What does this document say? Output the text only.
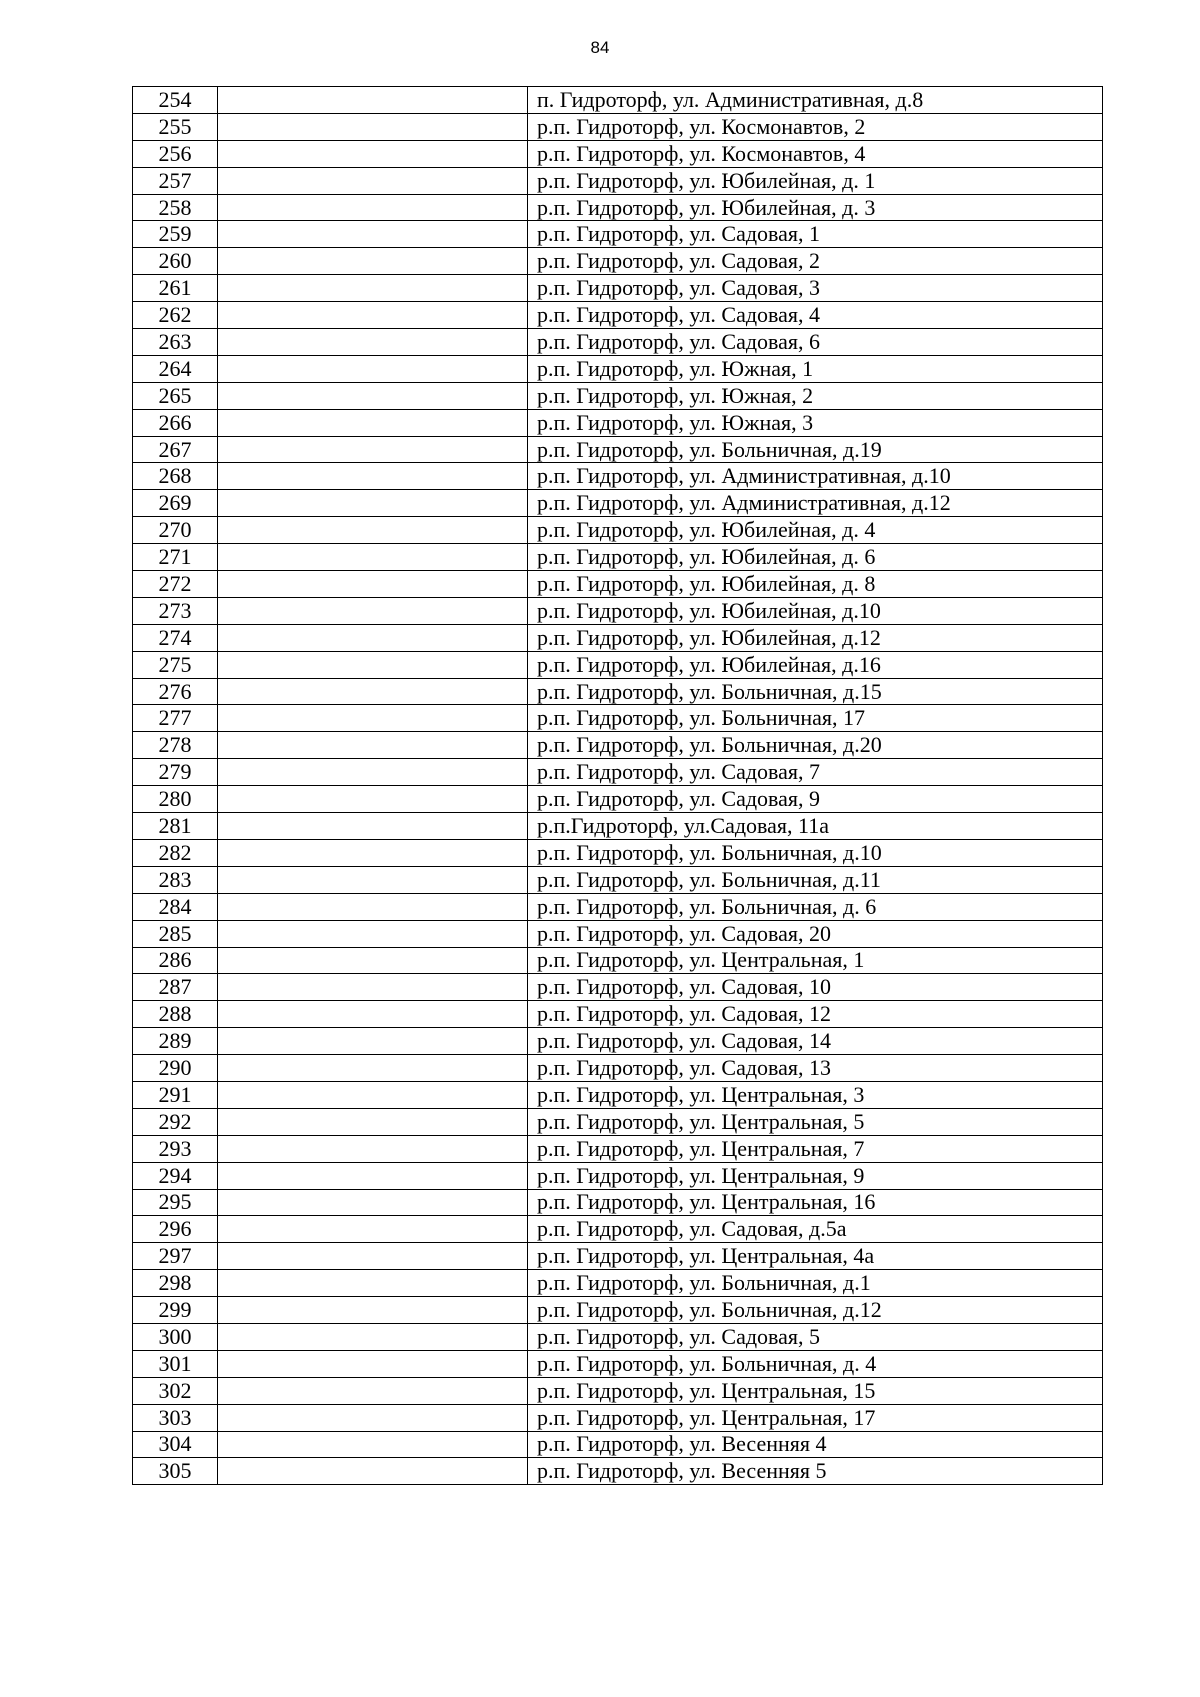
84
254		п. Гидроторф, ул. Административная, д.8
255		р.п. Гидроторф, ул. Космонавтов, 2
256		р.п. Гидроторф, ул. Космонавтов, 4
257		р.п. Гидроторф, ул. Юбилейная, д. 1
258		р.п. Гидроторф, ул. Юбилейная, д. 3
259		р.п. Гидроторф, ул. Садовая, 1
260		р.п. Гидроторф, ул. Садовая, 2
261		р.п. Гидроторф, ул. Садовая, 3
262		р.п. Гидроторф, ул. Садовая, 4
263		р.п. Гидроторф, ул. Садовая, 6
264		р.п. Гидроторф, ул. Южная, 1
265		р.п. Гидроторф, ул. Южная, 2
266		р.п. Гидроторф, ул. Южная, 3
267		р.п. Гидроторф, ул. Больничная, д.19
268		р.п. Гидроторф, ул. Административная, д.10
269		р.п. Гидроторф, ул. Административная, д.12
270		р.п. Гидроторф, ул. Юбилейная, д. 4
271		р.п. Гидроторф, ул. Юбилейная, д. 6
272		р.п. Гидроторф, ул. Юбилейная, д. 8
273		р.п. Гидроторф, ул. Юбилейная, д.10
274		р.п. Гидроторф, ул. Юбилейная, д.12
275		р.п. Гидроторф, ул. Юбилейная, д.16
276		р.п. Гидроторф, ул. Больничная, д.15
277		р.п. Гидроторф, ул. Больничная, 17
278		р.п. Гидроторф, ул. Больничная, д.20
279		р.п. Гидроторф, ул. Садовая, 7
280		р.п. Гидроторф, ул. Садовая, 9
281		р.п.Гидроторф, ул.Садовая, 11а
282		р.п. Гидроторф, ул. Больничная, д.10
283		р.п. Гидроторф, ул. Больничная, д.11
284		р.п. Гидроторф, ул. Больничная, д. 6
285		р.п. Гидроторф, ул. Садовая, 20
286		р.п. Гидроторф, ул. Центральная, 1
287		р.п. Гидроторф, ул. Садовая, 10
288		р.п. Гидроторф, ул. Садовая, 12
289		р.п. Гидроторф, ул. Садовая, 14
290		р.п. Гидроторф, ул. Садовая, 13
291		р.п. Гидроторф, ул. Центральная, 3
292		р.п. Гидроторф, ул. Центральная, 5
293		р.п. Гидроторф, ул. Центральная, 7
294		р.п. Гидроторф, ул. Центральная, 9
295		р.п. Гидроторф, ул. Центральная, 16
296		р.п. Гидроторф, ул. Садовая, д.5а
297		р.п. Гидроторф, ул. Центральная, 4а
298		р.п. Гидроторф, ул. Больничная, д.1
299		р.п. Гидроторф, ул. Больничная, д.12
300		р.п. Гидроторф, ул. Садовая, 5
301		р.п. Гидроторф, ул. Больничная, д. 4
302		р.п. Гидроторф, ул. Центральная, 15
303		р.п. Гидроторф, ул. Центральная, 17
304		р.п. Гидроторф, ул. Весенняя 4
305		р.п. Гидроторф, ул. Весенняя 5
